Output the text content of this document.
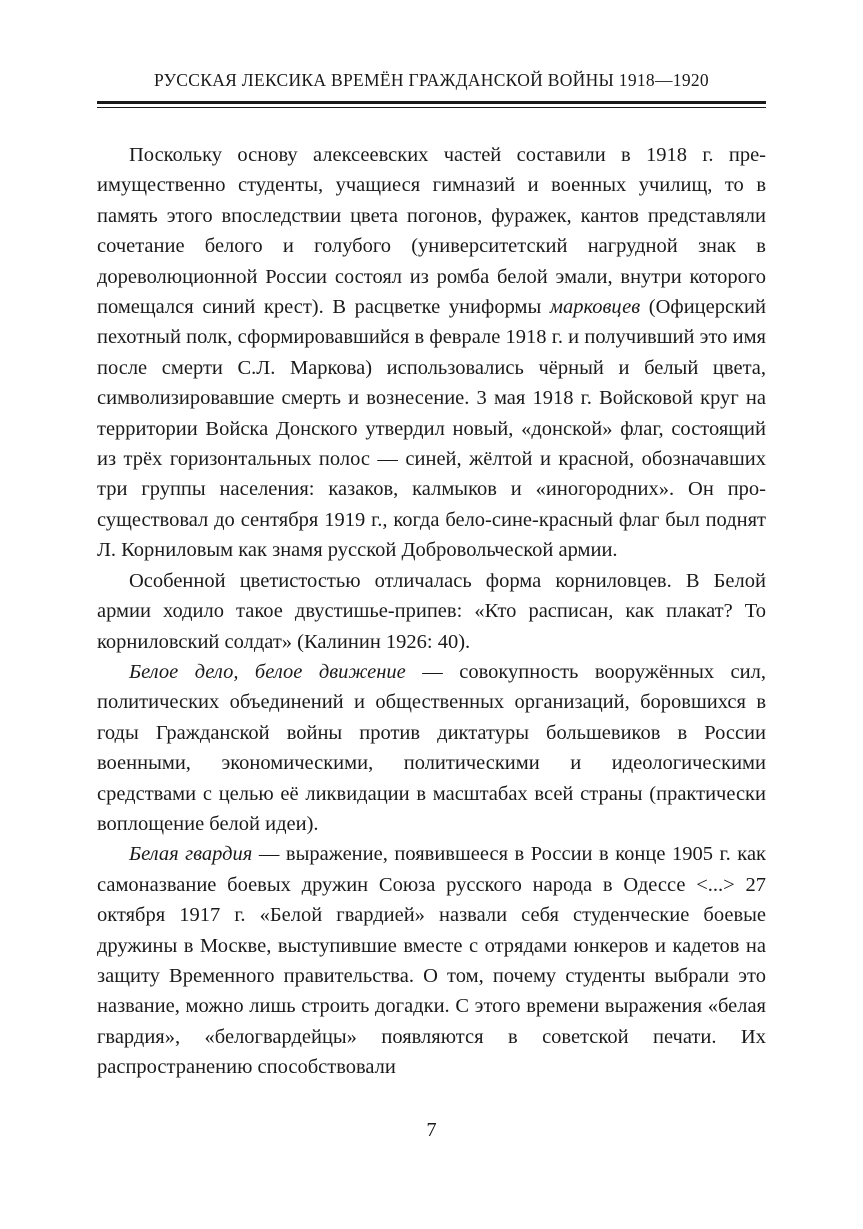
РУССКАЯ ЛЕКСИКА ВРЕМЁН ГРАЖДАНСКОЙ ВОЙНЫ 1918—1920

Поскольку основу алексеевских частей составили в 1918 г. преимущественно студенты, учащиеся гимназий и военных училищ, то в память этого впоследствии цвета погонов, фуражек, кантов представляли сочетание белого и голубого (университетский нагрудной знак в дореволюционной России состоял из ромба белой эмали, внутри которого помещался синий крест). В расцветке униформы марковцев (Офицерский пехотный полк, сформировавшийся в феврале 1918 г. и получивший это имя после смерти С.Л. Маркова) использовались чёрный и белый цвета, символизировавшие смерть и вознесение. 3 мая 1918 г. Войсковой круг на территории Войска Донского утвердил новый, «донской» флаг, состоящий из трёх горизонтальных полос — синей, жёлтой и красной, обозначавших три группы населения: казаков, калмыков и «иногородних». Он просуществовал до сентября 1919 г., когда бело-сине-красный флаг был поднят Л. Корниловым как знамя русской Добровольческой армии.

Особенной цветистостью отличалась форма корниловцев. В Белой армии ходило такое двустишье-припев: «Кто расписан, как плакат? То корниловский солдат» (Калинин 1926: 40).

Белое дело, белое движение — совокупность вооружённых сил, политических объединений и общественных организаций, боровшихся в годы Гражданской войны против диктатуры большевиков в России военными, экономическими, политическими и идеологическими средствами с целью её ликвидации в масштабах всей страны (практически воплощение белой идеи).

Белая гвардия — выражение, появившееся в России в конце 1905 г. как самоназвание боевых дружин Союза русского народа в Одессе <...> 27 октября 1917 г. «Белой гвардией» назвали себя студенческие боевые дружины в Москве, выступившие вместе с отрядами юнкеров и кадетов на защиту Временного правительства. О том, почему студенты выбрали это название, можно лишь строить догадки. С этого времени выражения «белая гвардия», «белогвардейцы» появляются в советской печати. Их распространению способствовали

7
